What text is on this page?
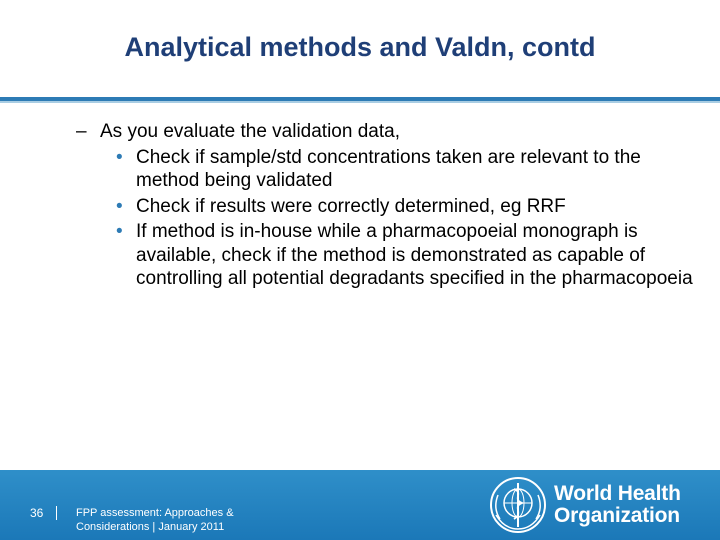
Analytical methods and Valdn, contd
– As you evaluate the validation data,
• Check if sample/std concentrations taken are relevant to the method being validated
• Check if results were correctly determined, eg RRF
• If method is in-house while a pharmacopoeial monograph is available, check if the method is demonstrated as capable of controlling all potential degradants specified in the pharmacopoeia
36	FPP assessment: Approaches & Considerations | January 2011
World Health
Organization
